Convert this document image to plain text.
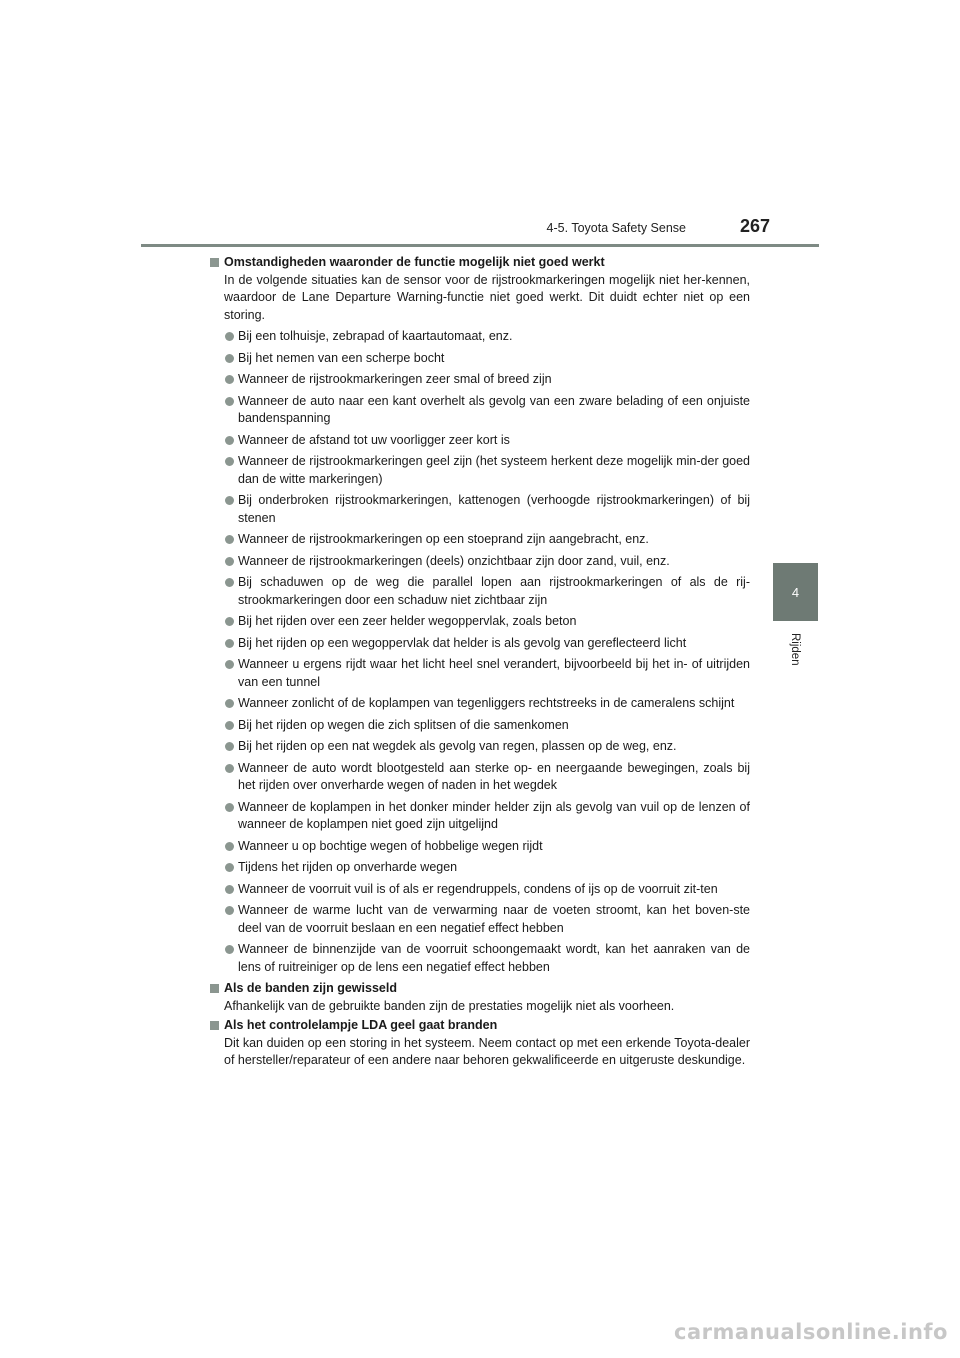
4-5. Toyota Safety Sense	267
4
Rijden
Omstandigheden waaronder de functie mogelijk niet goed werkt
In de volgende situaties kan de sensor voor de rijstrookmarkeringen mogelijk niet her-kennen, waardoor de Lane Departure Warning-functie niet goed werkt. Dit duidt echter niet op een storing.
Bij een tolhuisje, zebrapad of kaartautomaat, enz.
Bij het nemen van een scherpe bocht
Wanneer de rijstrookmarkeringen zeer smal of breed zijn
Wanneer de auto naar een kant overhelt als gevolg van een zware belading of een onjuiste bandenspanning
Wanneer de afstand tot uw voorligger zeer kort is
Wanneer de rijstrookmarkeringen geel zijn (het systeem herkent deze mogelijk min-der goed dan de witte markeringen)
Bij onderbroken rijstrookmarkeringen, kattenogen (verhoogde rijstrookmarkeringen) of bij stenen
Wanneer de rijstrookmarkeringen op een stoeprand zijn aangebracht, enz.
Wanneer de rijstrookmarkeringen (deels) onzichtbaar zijn door zand, vuil, enz.
Bij schaduwen op de weg die parallel lopen aan rijstrookmarkeringen of als de rij-strookmarkeringen door een schaduw niet zichtbaar zijn
Bij het rijden over een zeer helder wegoppervlak, zoals beton
Bij het rijden op een wegoppervlak dat helder is als gevolg van gereflecteerd licht
Wanneer u ergens rijdt waar het licht heel snel verandert, bijvoorbeeld bij het in- of uitrijden van een tunnel
Wanneer zonlicht of de koplampen van tegenliggers rechtstreeks in de cameralens schijnt
Bij het rijden op wegen die zich splitsen of die samenkomen
Bij het rijden op een nat wegdek als gevolg van regen, plassen op de weg, enz.
Wanneer de auto wordt blootgesteld aan sterke op- en neergaande bewegingen, zoals bij het rijden over onverharde wegen of naden in het wegdek
Wanneer de koplampen in het donker minder helder zijn als gevolg van vuil op de lenzen of wanneer de koplampen niet goed zijn uitgelijnd
Wanneer u op bochtige wegen of hobbelige wegen rijdt
Tijdens het rijden op onverharde wegen
Wanneer de voorruit vuil is of als er regendruppels, condens of ijs op de voorruit zit-ten
Wanneer de warme lucht van de verwarming naar de voeten stroomt, kan het boven-ste deel van de voorruit beslaan en een negatief effect hebben
Wanneer de binnenzijde van de voorruit schoongemaakt wordt, kan het aanraken van de lens of ruitreiniger op de lens een negatief effect hebben
Als de banden zijn gewisseld
Afhankelijk van de gebruikte banden zijn de prestaties mogelijk niet als voorheen.
Als het controlelampje LDA geel gaat branden
Dit kan duiden op een storing in het systeem. Neem contact op met een erkende Toyota-dealer of hersteller/reparateur of een andere naar behoren gekwalificeerde en uitgeruste deskundige.
carmanualsonline.info
